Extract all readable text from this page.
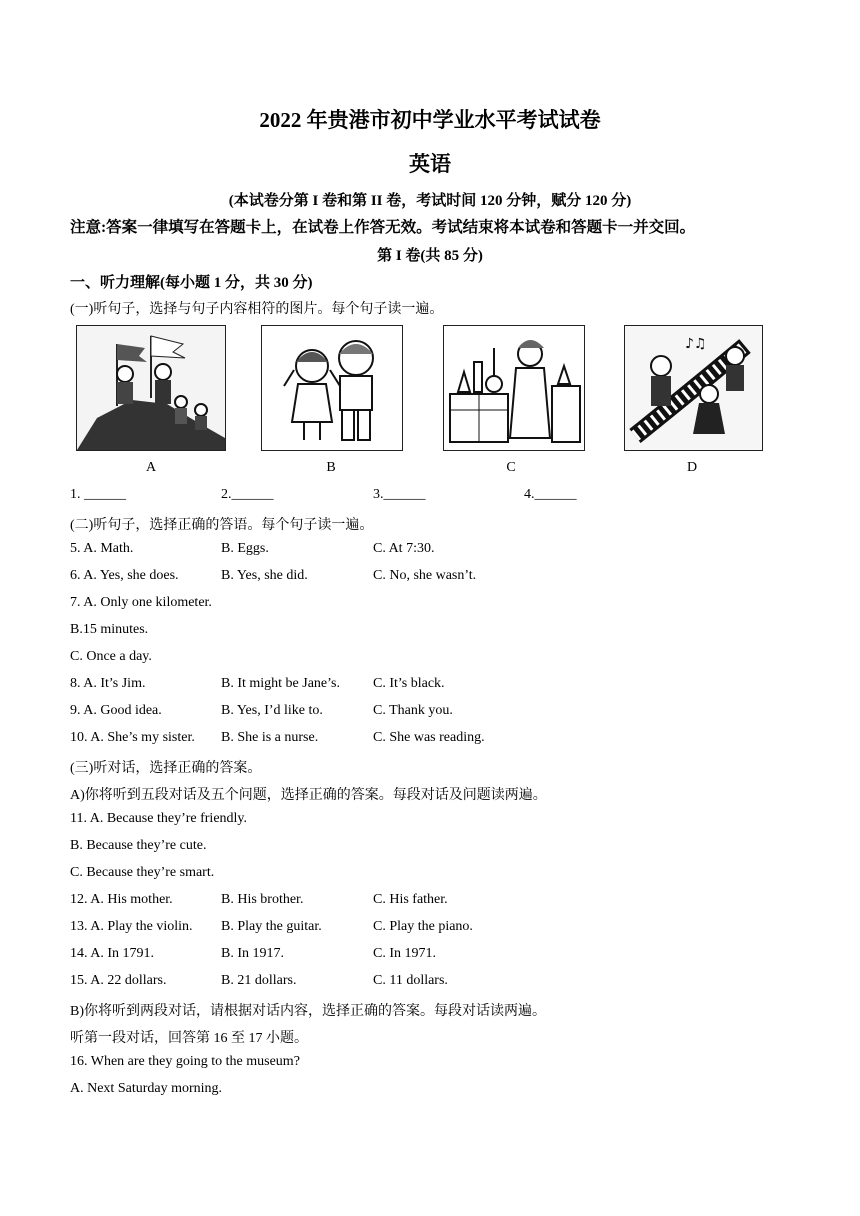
2022 年贵港市初中学业水平考试试卷
英语
(本试卷分第 I 卷和第 II 卷，考试时间 120 分钟，赋分 120 分)
注意:答案一律填写在答题卡上，在试卷上作答无效。考试结束将本试卷和答题卡一并交回。
第 I 卷(共 85 分)
一、听力理解(每小题 1 分，共 30 分)
(一)听句子，选择与句子内容相符的图片。每个句子读一遍。
♪♫
A	B	C	D
1. ______	2.______	3.______	4.______
(二)听句子，选择正确的答语。每个句子读一遍。
5. A. Math.	B. Eggs.	C. At 7:30.
6. A. Yes, she does.	B. Yes, she did.	C. No, she wasn’t.
7. A. Only one kilometer.
B.15 minutes.
C. Once a day.
8. A. It’s Jim.	B. It might be Jane’s. C. It’s black.
9. A. Good idea.	B. Yes, I’d like to.	C. Thank you.
10. A. She’s my sister. B. She is a nurse.	C. She was reading.
(三)听对话，选择正确的答案。
A)你将听到五段对话及五个问题，选择正确的答案。每段对话及问题读两遍。
11. A. Because they’re friendly.
B. Because they’re cute.
C. Because they’re smart.
12. A. His mother.	B. His brother.	C. His father.
13. A. Play the violin. B. Play the guitar.	C. Play the piano.
14. A. In 1791.	B. In 1917.	C. In 1971.
15. A. 22 dollars.	B. 21 dollars.	C. 11 dollars.
B)你将听到两段对话，请根据对话内容，选择正确的答案。每段对话读两遍。
听第一段对话，回答第 16 至 17 小题。
16. When are they going to the museum?
A. Next Saturday morning.
